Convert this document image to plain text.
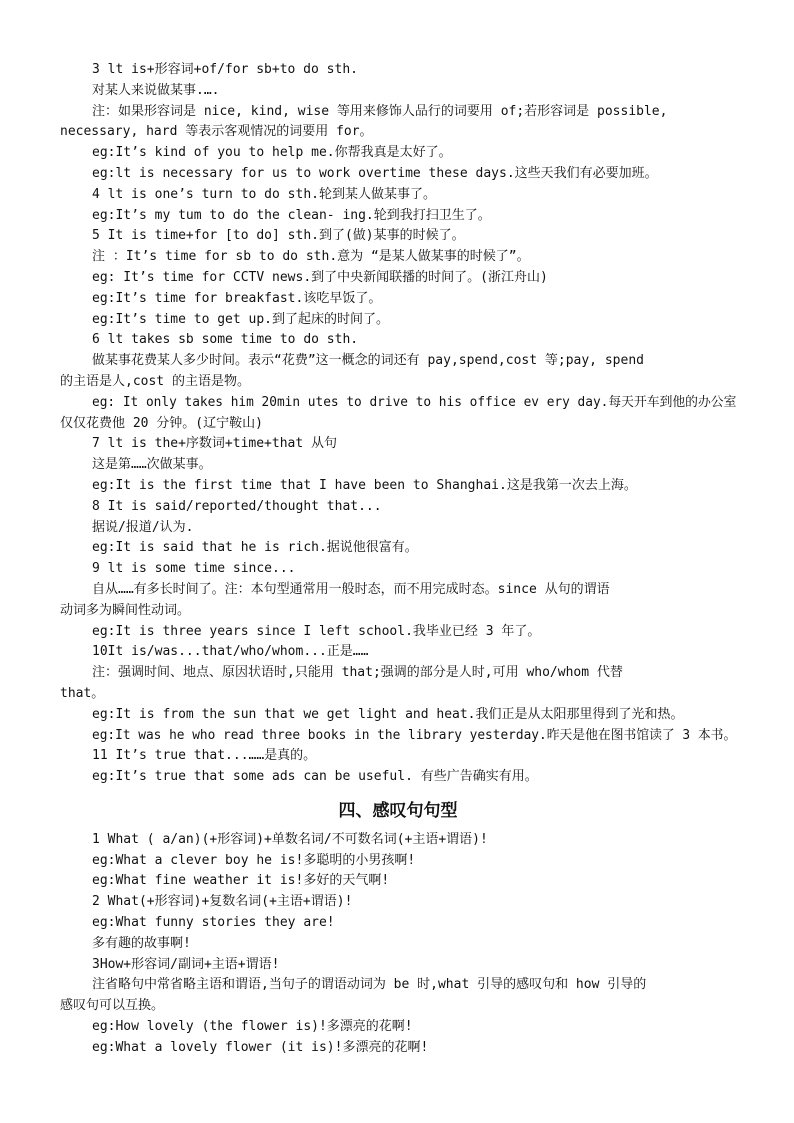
3 lt is+形容词+of/for sb+to do sth.
对某人来说做某事.….
注：如果形容词是 nice, kind, wise 等用来修饰人品行的词要用 of;若形容词是 possible,
necessary, hard 等表示客观情况的词要用 for。
eg:It’s kind of you to help me.你帮我真是太好了。
eg:lt is necessary for us to work overtime these days.这些天我们有必要加班。
4 lt is one’s turn to do sth.轮到某人做某事了。
eg:It’s my tum to do the clean- ing.轮到我打扫卫生了。
5 It is time+for [to do] sth.到了(做)某事的时候了。
注 ：It’s time for sb to do sth.意为 “是某人做某事的时候了”。
eg: It’s time for CCTV news.到了中央新闻联播的时间了。(浙江舟山)
eg:It’s time for breakfast.该吃早饭了。
eg:It’s time to get up.到了起床的时间了。
6 lt takes sb some time to do sth.
做某事花费某人多少时间。表示“花费”这一概念的词还有 pay,spend,cost 等;pay, spend
的主语是人,cost 的主语是物。
eg: It only takes him 20min utes to drive to his office ev ery day.每天开车到他的办公室
仅仅花费他 20 分钟。(辽宁鞍山)
7 lt is the+序数词+time+that 从句
这是第……次做某事。
eg:It is the first time that I have been to Shanghai.这是我第一次去上海。
8 It is said/reported/thought that...
据说/报道/认为.
eg:It is said that he is rich.据说他很富有。
9 lt is some time since...
自从……有多长时间了。注：本句型通常用一般时态，而不用完成时态。since 从句的谓语
动词多为瞬间性动词。
eg:It is three years since I left school.我毕业已经 3 年了。
10It is/was...that/who/whom...正是……
注：强调时间、地点、原因状语时,只能用 that;强调的部分是人时,可用 who/whom 代替
that。
eg:It is from the sun that we get light and heat.我们正是从太阳那里得到了光和热。
eg:It was he who read three books in the library yesterday.昨天是他在图书馆读了 3 本书。
11 It’s true that...……是真的。
eg:It’s true that some ads can be useful. 有些广告确实有用。
四、感叹句句型
1 What ( a/an)(+形容词)+单数名词/不可数名词(+主语+谓语)!
eg:What a clever boy he is!多聪明的小男孩啊!
eg:What fine weather it is!多好的天气啊!
2 What(+形容词)+复数名词(+主语+谓语)!
eg:What funny stories they are!
多有趣的故事啊!
3How+形容词/副词+主语+谓语!
注省略句中常省略主语和谓语,当句子的谓语动词为 be 时,what 引导的感叹句和 how 引导的
感叹句可以互换。
eg:How lovely (the flower is)!多漂亮的花啊!
eg:What a lovely flower (it is)!多漂亮的花啊!
